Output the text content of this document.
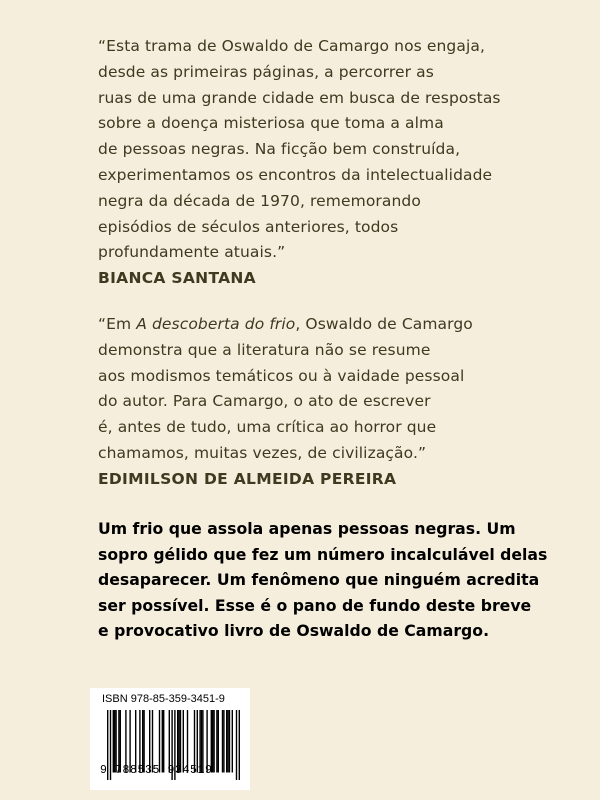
“Esta trama de Oswaldo de Camargo nos engaja,
desde as primeiras páginas, a percorrer as
ruas de uma grande cidade em busca de respostas
sobre a doença misteriosa que toma a alma
de pessoas negras. Na ficção bem construída,
experimentamos os encontros da intelectualidade
negra da década de 1970, rememorando
episódios de séculos anteriores, todos
profundamente atuais.”
BIANCA SANTANA
“Em A descoberta do frio, Oswaldo de Camargo
demonstra que a literatura não se resume
aos modismos temáticos ou à vaidade pessoal
do autor. Para Camargo, o ato de escrever
é, antes de tudo, uma crítica ao horror que
chamamos, muitas vezes, de civilização.”
EDIMILSON DE ALMEIDA PEREIRA
Um frio que assola apenas pessoas negras. Um
sopro gélido que fez um número incalculável delas
desaparecer. Um fenômeno que ninguém acredita
ser possível. Esse é o pano de fundo deste breve
e provocativo livro de Oswaldo de Camargo.
ISBN 978-85-359-3451-9
9 788535 934519
